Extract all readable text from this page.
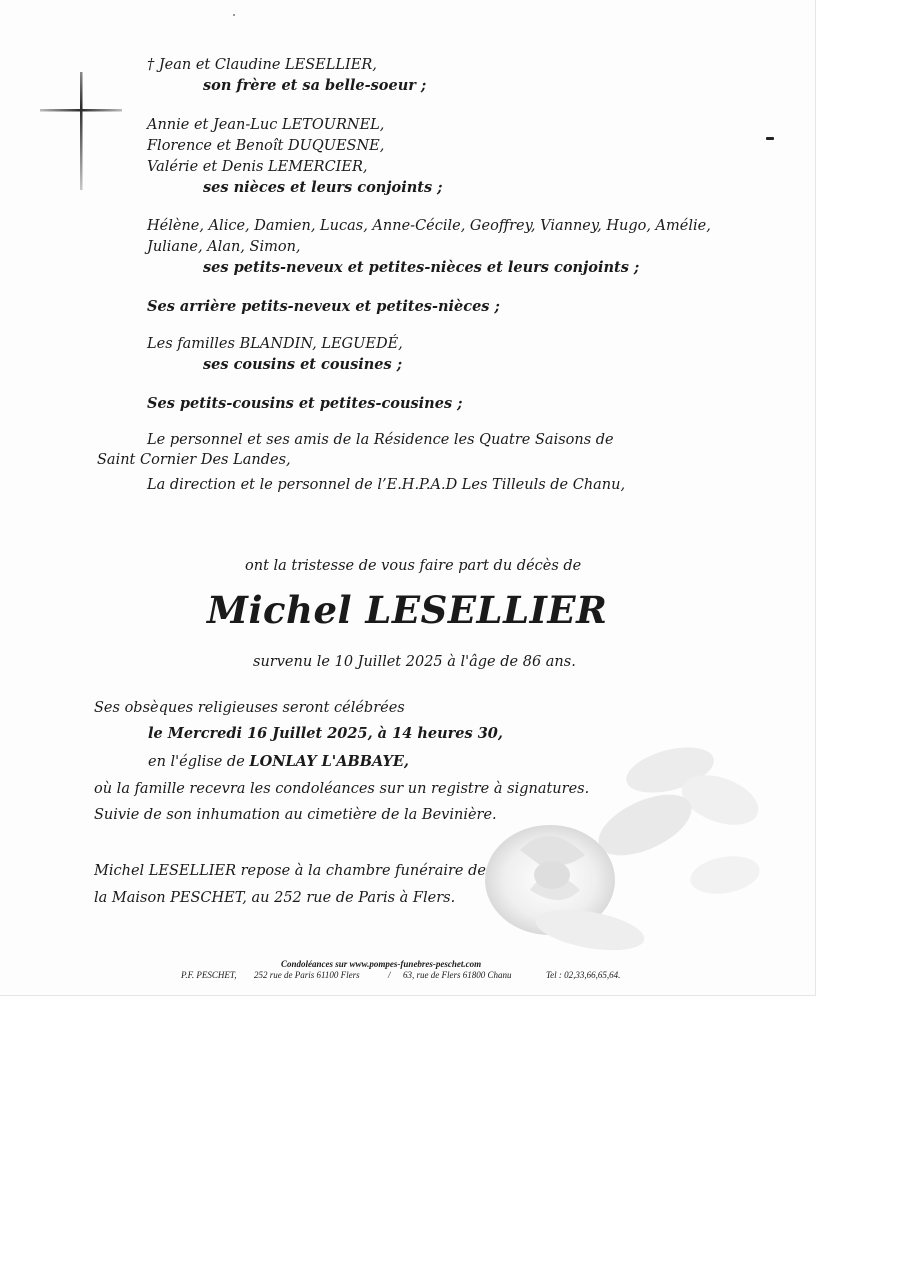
† Jean et Claudine LESELLIER,
son frère et sa belle-soeur ;
Annie et Jean-Luc LETOURNEL,
Florence et Benoît DUQUESNE,
Valérie et Denis LEMERCIER,
ses nièces et leurs conjoints ;
Hélène, Alice, Damien, Lucas, Anne-Cécile, Geoffrey, Vianney, Hugo, Amélie,
Juliane, Alan, Simon,
ses petits-neveux et petites-nièces et leurs conjoints ;
Ses arrière petits-neveux et petites-nièces ;
Les familles BLANDIN, LEGUEDÉ,
ses cousins et cousines ;
Ses petits-cousins et petites-cousines ;
Le personnel et ses amis de la Résidence les Quatre Saisons de
Saint Cornier Des Landes,
La direction et le personnel de l’E.H.P.A.D Les Tilleuls de Chanu,
ont la tristesse de vous faire part du décès de
Michel LESELLIER
survenu le 10 Juillet 2025 à l'âge de 86 ans.
Ses obsèques religieuses seront célébrées
le Mercredi 16 Juillet 2025, à 14 heures 30,
en l'église de LONLAY L'ABBAYE,
où la famille recevra les condoléances sur un registre à signatures.
Suivie de son inhumation au cimetière de la Bevinière.
Michel LESELLIER repose à la chambre funéraire de
la Maison PESCHET, au 252 rue de Paris à Flers.
Condoléances sur www.pompes-funebres-peschet.com
P.F. PESCHET, 252 rue de Paris 61100 Flers	/ 63, rue de Flers 61800 Chanu	Tel : 02,33,66,65,64.
